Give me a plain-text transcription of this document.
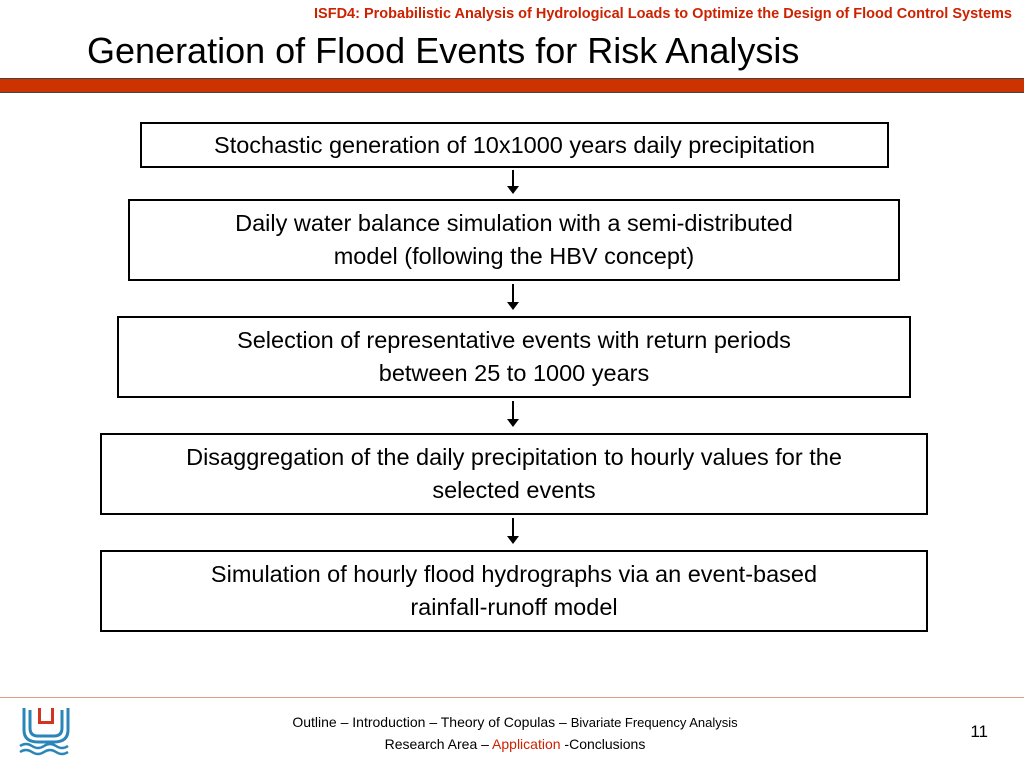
ISFD4: Probabilistic Analysis of Hydrological Loads to Optimize the Design of Flood Control Systems
Generation of Flood Events for Risk Analysis
Stochastic generation of 10x1000 years daily precipitation
Daily water balance simulation with a semi-distributed
model (following the HBV concept)
Selection of representative events with return periods
between 25 to 1000 years
Disaggregation of the daily precipitation to hourly values for the
selected events
Simulation of hourly flood hydrographs via an event-based
rainfall-runoff model
Outline – Introduction – Theory of Copulas – Bivariate Frequency Analysis
Research Area – Application -Conclusions
11
